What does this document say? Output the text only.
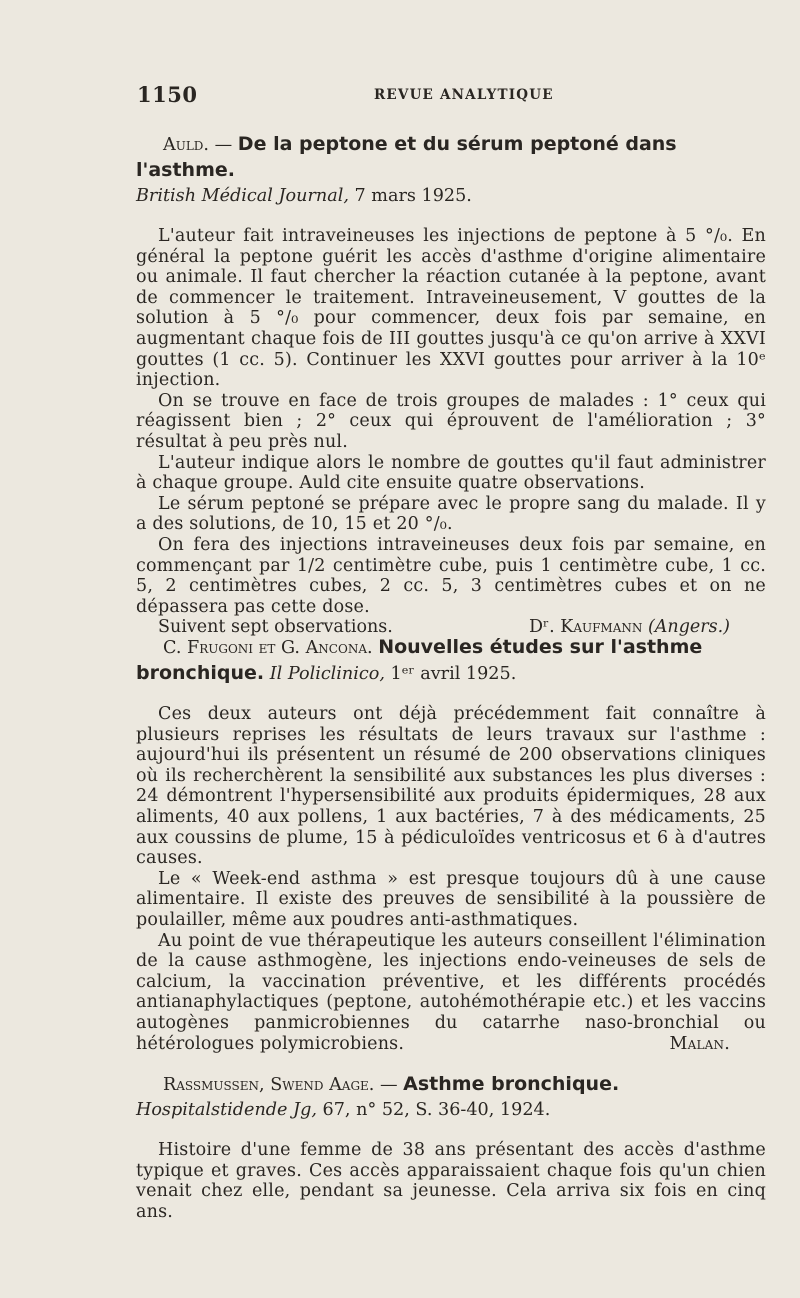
1150	REVUE ANALYTIQUE

Auld. — De la peptone et du sérum peptoné dans l'asthme.
British Médical Journal, 7 mars 1925.

L'auteur fait intraveineuses les injections de peptone à 5 °/₀. En général la peptone guérit les accès d'asthme d'origine alimentaire ou animale. Il faut chercher la réaction cutanée à la peptone, avant de commencer le traitement. Intraveineusement, V gouttes de la solution à 5 °/₀ pour commencer, deux fois par semaine, en augmentant chaque fois de III gouttes jusqu'à ce qu'on arrive à XXVI gouttes (1 cc. 5). Continuer les XXVI gouttes pour arriver à la 10ᵉ injection.

On se trouve en face de trois groupes de malades : 1° ceux qui réagissent bien ; 2° ceux qui éprouvent de l'amélioration ; 3° résultat à peu près nul.

L'auteur indique alors le nombre de gouttes qu'il faut administrer à chaque groupe. Auld cite ensuite quatre observations.

Le sérum peptoné se prépare avec le propre sang du malade. Il y a des solutions, de 10, 15 et 20 °/₀.

On fera des injections intraveineuses deux fois par semaine, en commençant par 1/2 centimètre cube, puis 1 centimètre cube, 1 cc. 5, 2 centimètres cubes, 2 cc. 5, 3 centimètres cubes et on ne dépassera pas cette dose.

Suivent sept observations.	Dʳ. Kaufmann (Angers.)

C. Frugoni et G. Ancona. Nouvelles études sur l'asthme bronchique. Il Policlinico, 1ᵉʳ avril 1925.

Ces deux auteurs ont déjà précédemment fait connaître à plusieurs reprises les résultats de leurs travaux sur l'asthme : aujourd'hui ils présentent un résumé de 200 observations cliniques où ils recherchèrent la sensibilité aux substances les plus diverses : 24 démontrent l'hypersensibilité aux produits épidermiques, 28 aux aliments, 40 aux pollens, 1 aux bactéries, 7 à des médicaments, 25 aux coussins de plume, 15 à pédiculoïdes ventricosus et 6 à d'autres causes.

Le « Week-end asthma » est presque toujours dû à une cause alimentaire. Il existe des preuves de sensibilité à la poussière de poulailler, même aux poudres anti-asthmatiques.

Au point de vue thérapeutique les auteurs conseillent l'élimination de la cause asthmogène, les injections endo-veineuses de sels de calcium, la vaccination préventive, et les différents procédés antianaphylactiques (peptone, autohémothérapie etc.) et les vaccins autogènes panmicrobiennes du catarrhe naso-bronchial ou hétérologues polymicrobiens.	Malan.

Rassmussen, Swend Aage. — Asthme bronchique. Hospitalstidende Jg, 67, n° 52, S. 36-40, 1924.

Histoire d'une femme de 38 ans présentant des accès d'asthme typique et graves. Ces accès apparaissaient chaque fois qu'un chien venait chez elle, pendant sa jeunesse. Cela arriva six fois en cinq ans.
